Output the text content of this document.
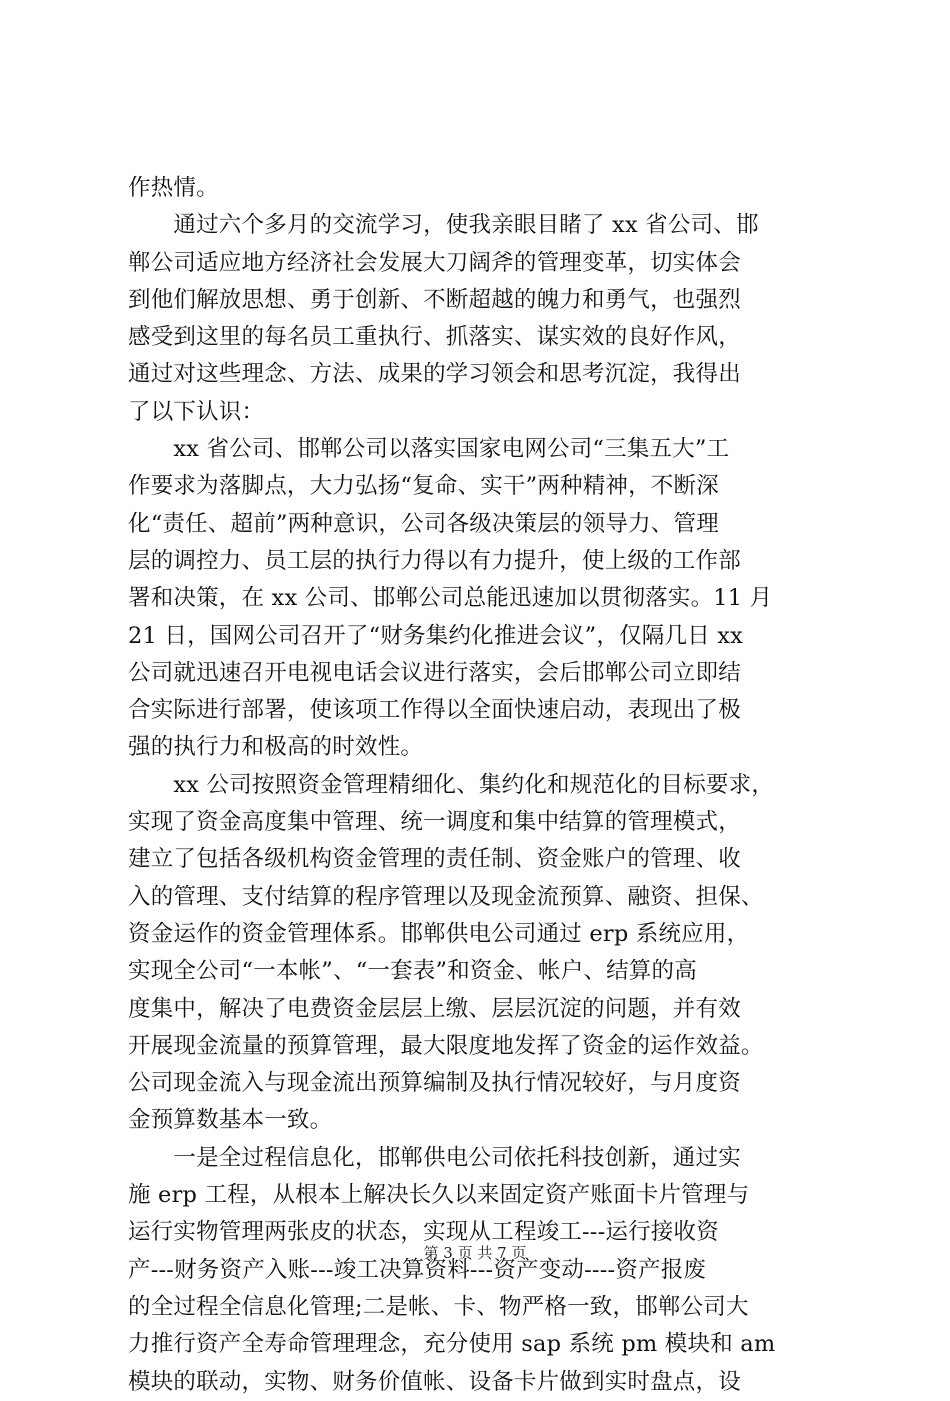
作热情。
　　通过六个多月的交流学习，使我亲眼目睹了 xx 省公司、邯
郸公司适应地方经济社会发展大刀阔斧的管理变革，切实体会
到他们解放思想、勇于创新、不断超越的魄力和勇气，也强烈
感受到这里的每名员工重执行、抓落实、谋实效的良好作风，
通过对这些理念、方法、成果的学习领会和思考沉淀，我得出
了以下认识：
　　xx 省公司、邯郸公司以落实国家电网公司“三集五大”工
作要求为落脚点，大力弘扬“复命、实干”两种精神，不断深
化“责任、超前”两种意识，公司各级决策层的领导力、管理
层的调控力、员工层的执行力得以有力提升，使上级的工作部
署和决策，在 xx 公司、邯郸公司总能迅速加以贯彻落实。11 月
21 日，国网公司召开了“财务集约化推进会议”，仅隔几日 xx
公司就迅速召开电视电话会议进行落实，会后邯郸公司立即结
合实际进行部署，使该项工作得以全面快速启动，表现出了极
强的执行力和极高的时效性。
　　xx 公司按照资金管理精细化、集约化和规范化的目标要求，
实现了资金高度集中管理、统一调度和集中结算的管理模式，
建立了包括各级机构资金管理的责任制、资金账户的管理、收
入的管理、支付结算的程序管理以及现金流预算、融资、担保、
资金运作的资金管理体系。邯郸供电公司通过 erp 系统应用，
实现全公司“一本帐”、“一套表”和资金、帐户、结算的高
度集中，解决了电费资金层层上缴、层层沉淀的问题，并有效
开展现金流量的预算管理，最大限度地发挥了资金的运作效益。
公司现金流入与现金流出预算编制及执行情况较好，与月度资
金预算数基本一致。
　　一是全过程信息化，邯郸供电公司依托科技创新，通过实
施 erp 工程，从根本上解决长久以来固定资产账面卡片管理与
运行实物管理两张皮的状态，实现从工程竣工---运行接收资
产---财务资产入账---竣工决算资料---资产变动----资产报废
的全过程全信息化管理;二是帐、卡、物严格一致，邯郸公司大
力推行资产全寿命管理理念，充分使用 sap 系统 pm 模块和 am
模块的联动，实物、财务价值帐、设备卡片做到实时盘点，设
第 3 页 共 7 页
